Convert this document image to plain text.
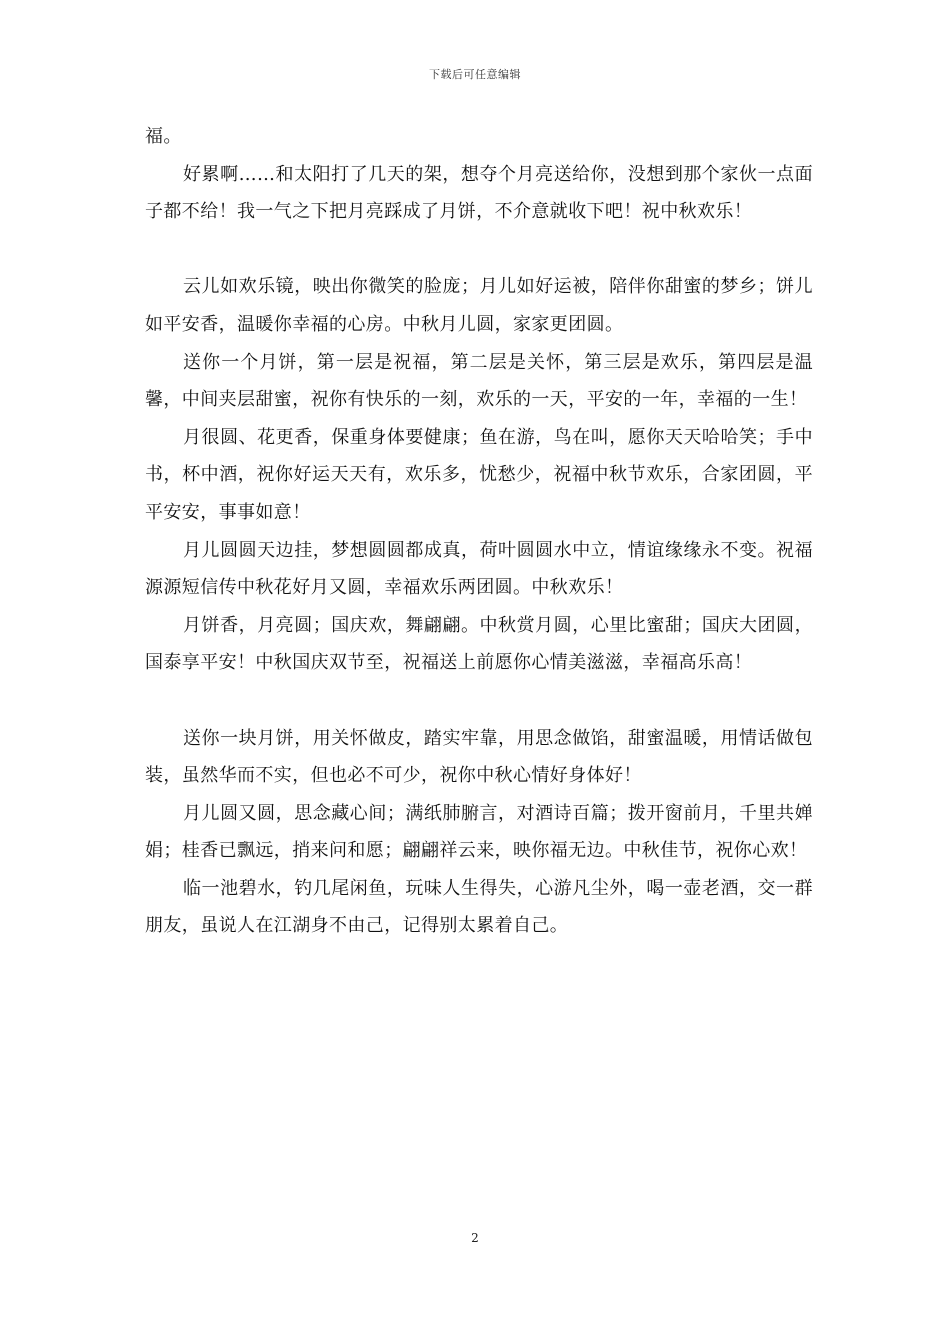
下载后可任意编辑

福。

好累啊……和太阳打了几天的架，想夺个月亮送给你，没想到那个家伙一点面子都不给！我一气之下把月亮踩成了月饼，不介意就收下吧！祝中秋欢乐！

云儿如欢乐镜，映出你微笑的脸庞；月儿如好运被，陪伴你甜蜜的梦乡；饼儿如平安香，温暖你幸福的心房。中秋月儿圆，家家更团圆。

送你一个月饼，第一层是祝福，第二层是关怀，第三层是欢乐，第四层是温馨，中间夹层甜蜜，祝你有快乐的一刻，欢乐的一天，平安的一年，幸福的一生！

月很圆、花更香，保重身体要健康；鱼在游，鸟在叫，愿你天天哈哈笑；手中书，杯中酒，祝你好运天天有，欢乐多，忧愁少，祝福中秋节欢乐，合家团圆，平平安安，事事如意！

月儿圆圆天边挂，梦想圆圆都成真，荷叶圆圆水中立，情谊缘缘永不变。祝福源源短信传中秋花好月又圆，幸福欢乐两团圆。中秋欢乐！

月饼香，月亮圆；国庆欢，舞翩翩。中秋赏月圆，心里比蜜甜；国庆大团圆，国泰享平安！中秋国庆双节至，祝福送上前愿你心情美滋滋，幸福高乐高！

送你一块月饼，用关怀做皮，踏实牢靠，用思念做馅，甜蜜温暖，用情话做包装，虽然华而不实，但也必不可少，祝你中秋心情好身体好！

月儿圆又圆，思念藏心间；满纸肺腑言，对酒诗百篇；拨开窗前月，千里共婵娟；桂香已飘远，捎来问和愿；翩翩祥云来，映你福无边。中秋佳节，祝你心欢！

临一池碧水，钓几尾闲鱼，玩味人生得失，心游凡尘外，喝一壶老酒，交一群朋友，虽说人在江湖身不由己，记得别太累着自己。

2
